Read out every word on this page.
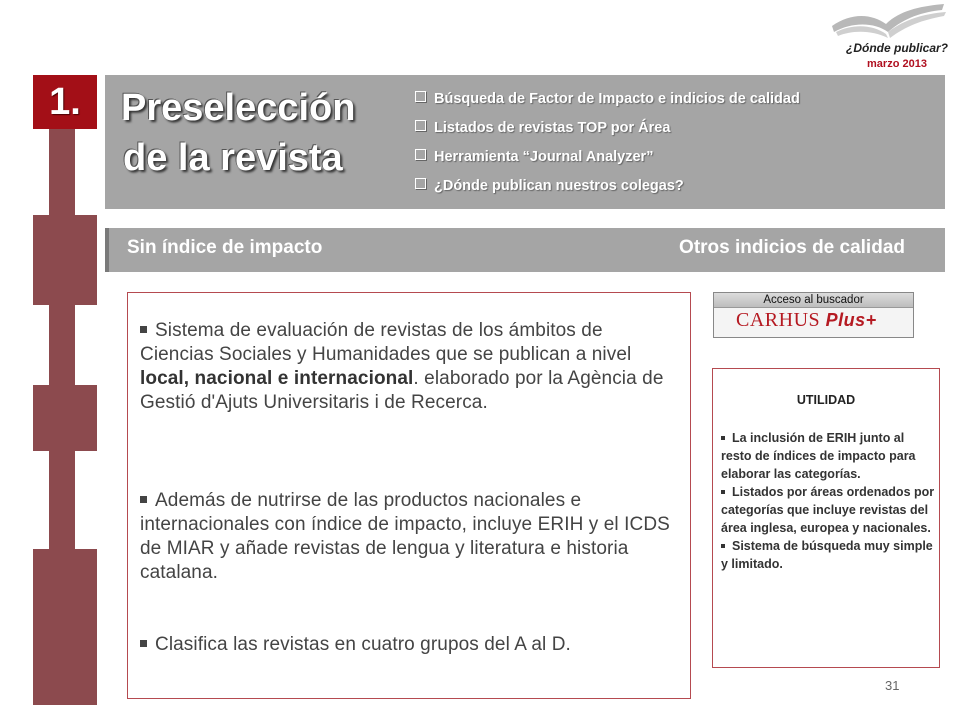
¿Dónde publicar?
marzo 2013
1.	Preselección
de la revista
Búsqueda de Factor de Impacto e indicios de calidad
Listados de revistas TOP por Área
Herramienta “Journal Analyzer”
¿Dónde publican nuestros colegas?
Sin índice de impacto	Otros indicios de calidad
Sistema de evaluación de revistas de los ámbitos de Ciencias Sociales y Humanidades que se publican a nivel local, nacional e internacional. elaborado por la Agència de Gestió d'Ajuts Universitaris i de Recerca.
Además de nutrirse de las productos nacionales e internacionales con índice de impacto, incluye ERIH y el ICDS de MIAR y añade revistas de lengua y literatura e historia catalana.
Clasifica las revistas en cuatro grupos del A al D.
Acceso al buscador
CARHUS Plus+
UTILIDAD
La inclusión de ERIH junto al resto de índices de impacto para elaborar las categorías.
Listados por áreas ordenados por categorías que incluye revistas del área inglesa, europea y nacionales.
Sistema de búsqueda muy simple y limitado.
31
